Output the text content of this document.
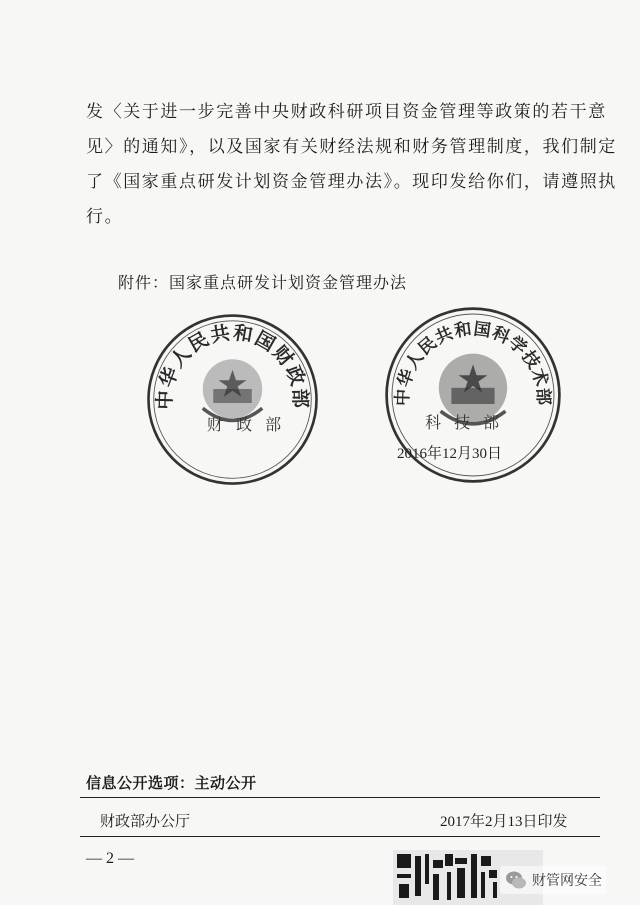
发〈关于进一步完善中央财政科研项目资金管理等政策的若干意
见〉的通知》，以及国家有关财经法规和财务管理制度，我们制定
了《国家重点研发计划资金管理办法》。现印发给你们，请遵照执
行。
附件：国家重点研发计划资金管理办法
中华人民共和国财政部
财 政 部
中华人民共和国科学技术部
科 技 部
2016年12月30日
信息公开选项：主动公开
财政部办公厅	2017年2月13日印发
— 2 —
财管网安全
